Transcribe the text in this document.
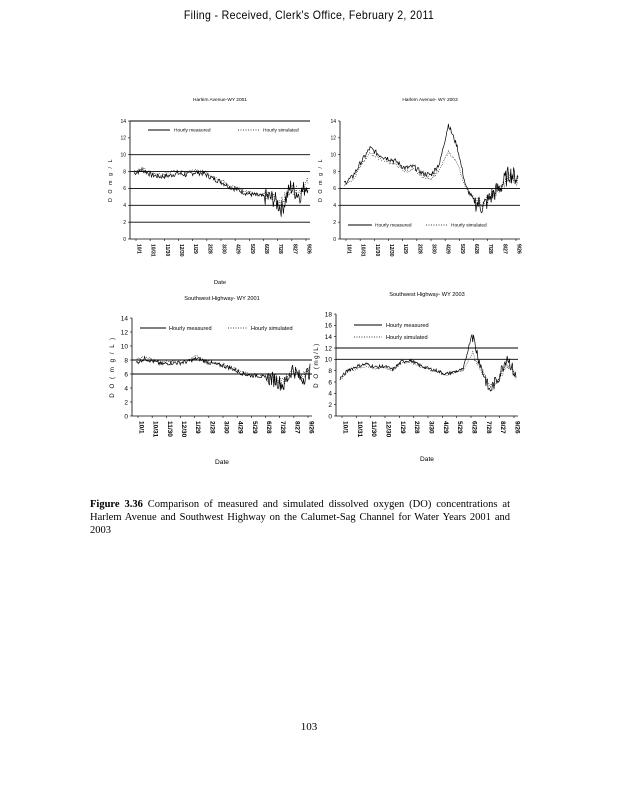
Filing - Received, Clerk's Office, February 2, 2011
Harlem Avenue-WY 2001
0
2
4
6
8
10
12
14
D O m g / L
10/1 10/31 11/30 12/30 1/29 2/28 3/30 4/29 5/29 6/28 7/28 8/27 9/26
Date
Hourly measured	Hourly simulated
Harlem Avenue- WY 2003
0
2
4
6
8
10
12
14
D O m g / L
10/1 10/31 11/30 12/30 1/29 2/28 3/30 4/29 5/29 6/28 7/28 8/27 9/26
Hourly measured	Hourly simulated
Southwest Highway- WY 2001
0
2
4
6
8
10
12
14
D O ( m g / L )
10/1 10/31 11/30 12/30 1/29 2/28 3/30 4/29 5/29 6/28 7/28 8/27 9/26
Date
Hourly measured	Hourly simulated
Southwest Highway- WY 2003
0
2
4
6
8
10
12
14
16
18
D O (mg/L)
10/1 10/31 11/30 12/30 1/29 2/28 3/30 4/29 5/29 6/28 7/28 8/27 9/26
Date
Hourly measured
Hourly simulated
Figure 3.36 Comparison of measured and simulated dissolved oxygen (DO) concentrations at Harlem Avenue and Southwest Highway on the Calumet-Sag Channel for Water Years 2001 and 2003
103
